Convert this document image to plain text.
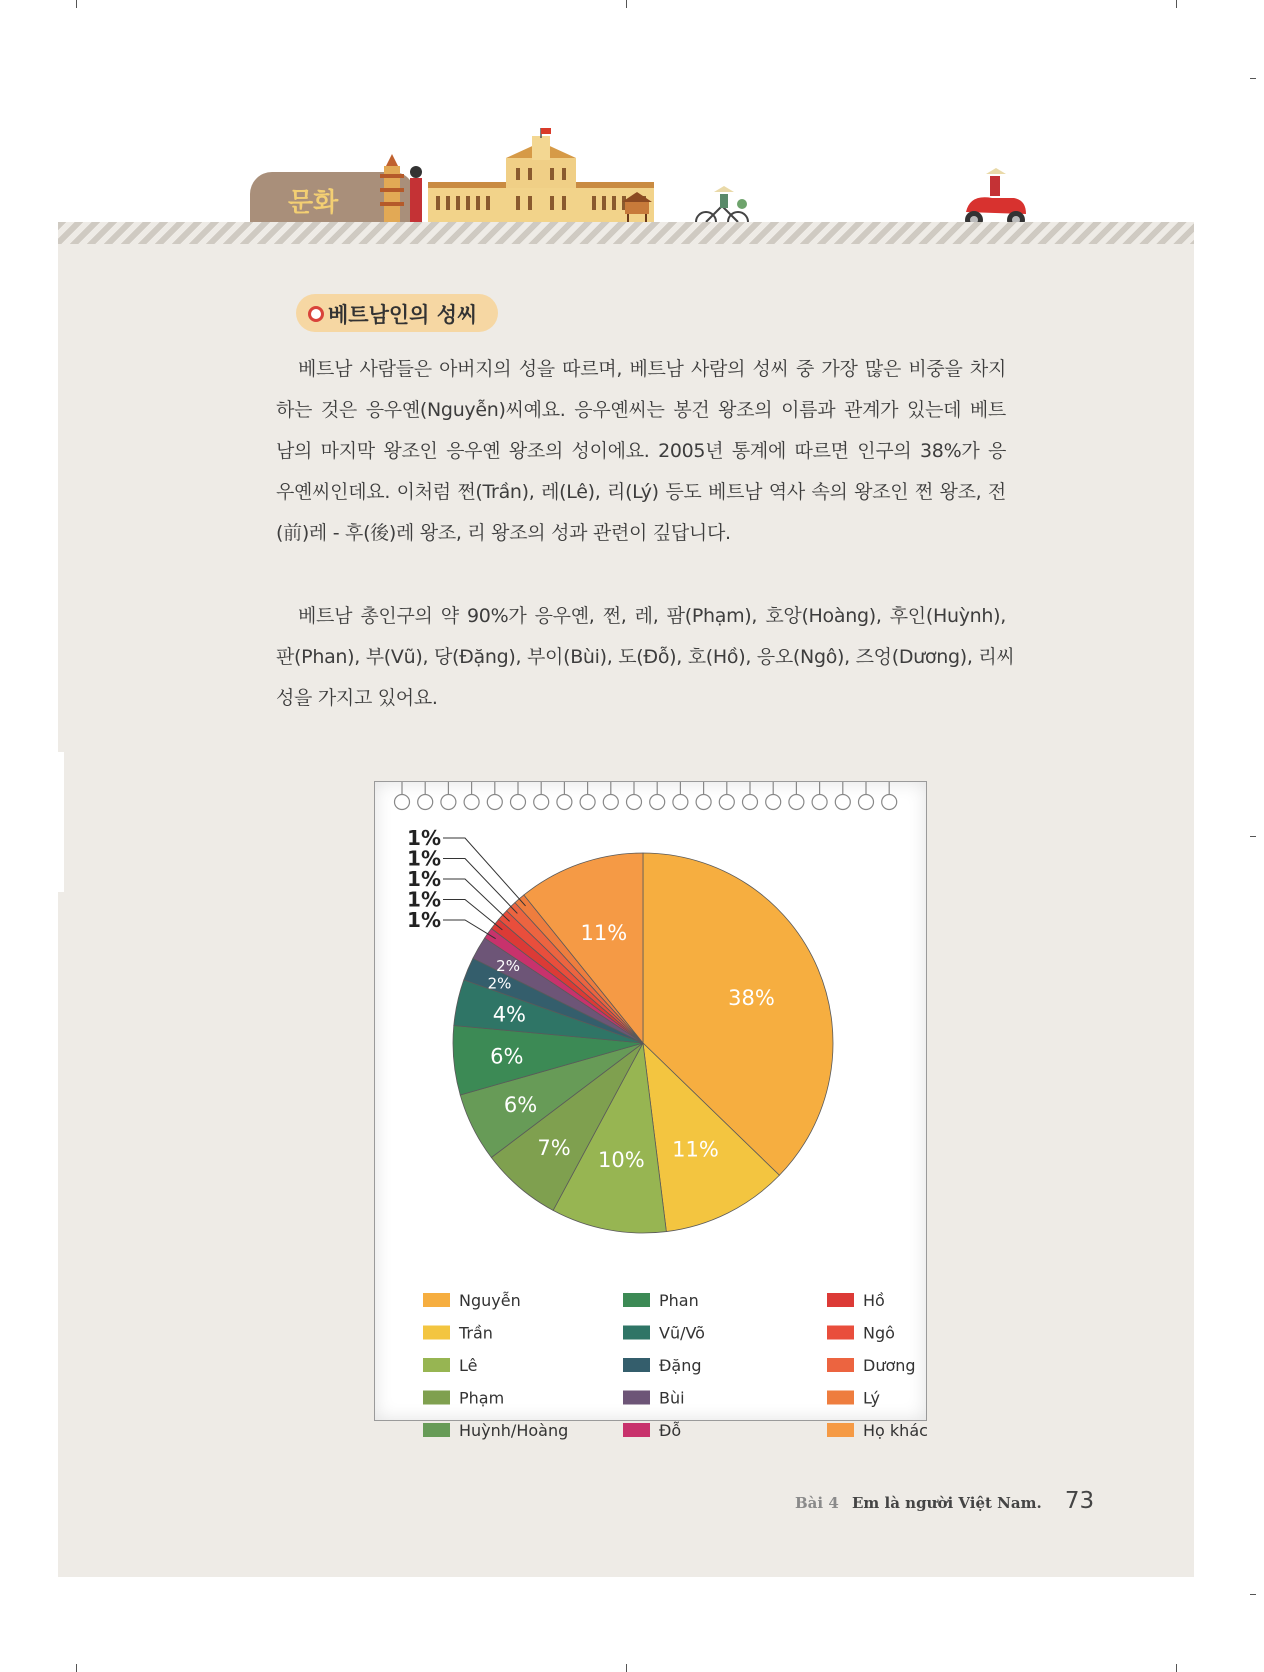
문화
베트남인의 성씨
베트남 사람들은 아버지의 성을 따르며, 베트남 사람의 성씨 중 가장 많은 비중을 차지
하는 것은 응우옌(Nguyễn)씨예요. 응우옌씨는 봉건 왕조의 이름과 관계가 있는데 베트
남의 마지막 왕조인 응우옌 왕조의 성이에요. 2005년 통계에 따르면 인구의 38%가 응
우옌씨인데요. 이처럼 쩐(Trần), 레(Lê), 리(Lý) 등도 베트남 역사 속의 왕조인 쩐 왕조, 전
(前)레 - 후(後)레 왕조, 리 왕조의 성과 관련이 깊답니다.
베트남 총인구의 약 90%가 응우옌, 쩐, 레, 팜(Phạm), 호앙(Hoàng), 후인(Huỳnh),
판(Phan), 부(Vũ), 당(Đặng), 부이(Bùi), 도(Đỗ), 호(Hồ), 응오(Ngô), 즈엉(Dương), 리씨
성을 가지고 있어요.
38%
11%
10%
7%
6%
6%
4%
2%
2%
1%
1%
1%
1%
1%
11%
Nguyễn
Trần
Lê
Phạm
Huỳnh/Hoàng
Phan
Vũ/Võ
Đặng
Bùi
Đỗ
Hồ
Ngô
Dương
Lý
Họ khác
Bài 4 Em là người Việt Nam. 73
